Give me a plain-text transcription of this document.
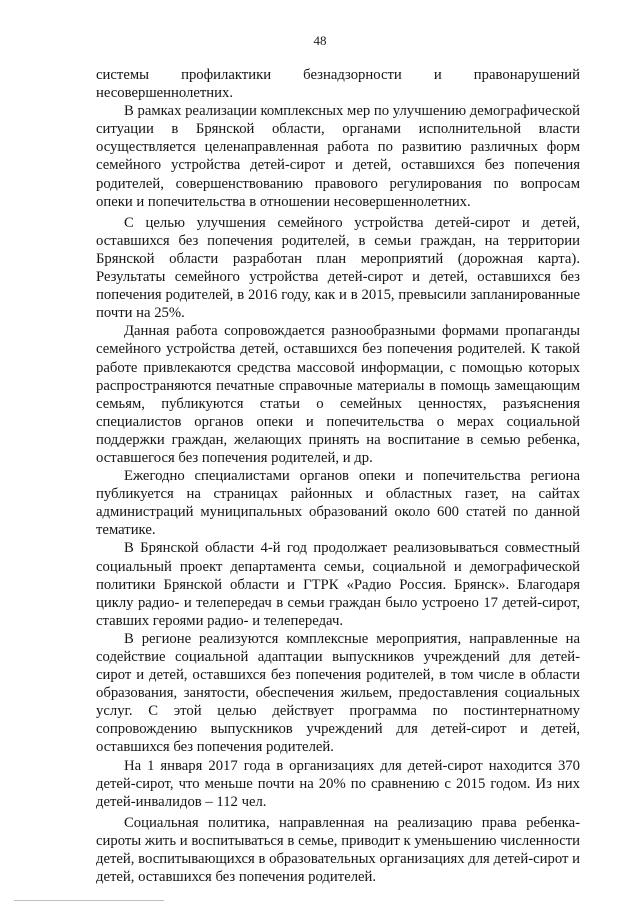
48

системы профилактики безнадзорности и правонарушений несовершеннолетних.

В рамках реализации комплексных мер по улучшению демографической ситуации в Брянской области, органами исполнительной власти осуществляется целенаправленная работа по развитию различных форм семейного устройства детей-сирот и детей, оставшихся без попечения родителей, совершенствованию правового регулирования по вопросам опеки и попечительства в отношении несовершеннолетних.

С целью улучшения семейного устройства детей-сирот и детей, оставшихся без попечения родителей, в семьи граждан, на территории Брянской области разработан план мероприятий (дорожная карта). Результаты семейного устройства детей-сирот и детей, оставшихся без попечения родителей, в 2016 году, как и в 2015, превысили запланированные почти на 25%.

Данная работа сопровождается разнообразными формами пропаганды семейного устройства детей, оставшихся без попечения родителей. К такой работе привлекаются средства массовой информации, с помощью которых распространяются печатные справочные материалы в помощь замещающим семьям, публикуются статьи о семейных ценностях, разъяснения специалистов органов опеки и попечительства о мерах социальной поддержки граждан, желающих принять на воспитание в семью ребенка, оставшегося без попечения родителей, и др.

Ежегодно специалистами органов опеки и попечительства региона публикуется на страницах районных и областных газет, на сайтах администраций муниципальных образований около 600 статей по данной тематике.

В Брянской области 4-й год продолжает реализовываться совместный социальный проект департамента семьи, социальной и демографической политики Брянской области и ГТРК «Радио Россия. Брянск». Благодаря циклу радио- и телепередач в семьи граждан было устроено 17 детей-сирот, ставших героями радио- и телепередач.

В регионе реализуются комплексные мероприятия, направленные на содействие социальной адаптации выпускников учреждений для детей-сирот и детей, оставшихся без попечения родителей, в том числе в области образования, занятости, обеспечения жильем, предоставления социальных услуг. С этой целью действует программа по постинтернатному сопровождению выпускников учреждений для детей-сирот и детей, оставшихся без попечения родителей.

На 1 января 2017 года в организациях для детей-сирот находится 370 детей-сирот, что меньше почти на 20% по сравнению с 2015 годом. Из них детей-инвалидов – 112 чел.

Социальная политика, направленная на реализацию права ребенка-сироты жить и воспитываться в семье, приводит к уменьшению численности детей, воспитывающихся в образовательных организациях для детей-сирот и детей, оставшихся без попечения родителей.
